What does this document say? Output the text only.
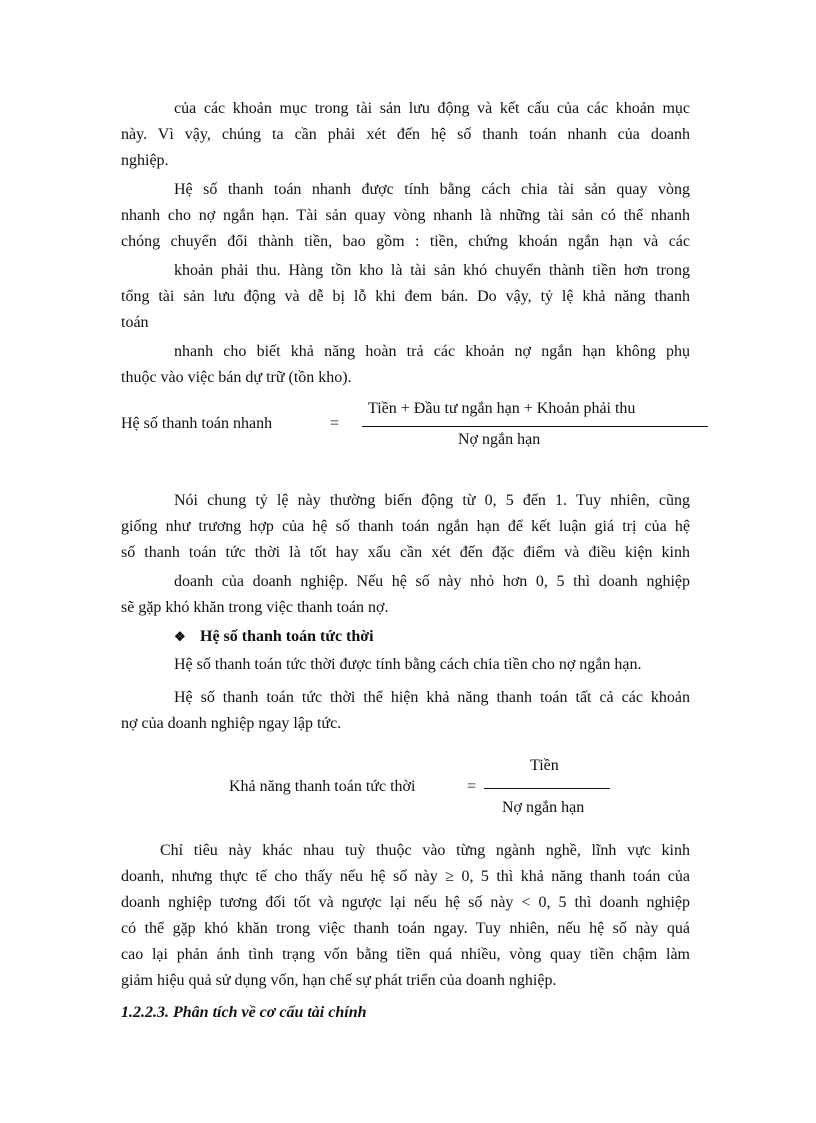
của các khoản mục trong tài sản lưu động và kết cấu của các khoản mục
này. Vì vậy, chúng ta cần phải xét đến hệ số thanh toán nhanh của doanh
nghiệp.
Hệ số thanh toán nhanh được tính bằng cách chia tài sản quay vòng
nhanh cho nợ ngắn hạn. Tài sản quay vòng nhanh là những tài sản có thể nhanh
chóng chuyển đổi thành tiền, bao gồm : tiền, chứng khoán ngắn hạn và các
khoản phải thu. Hàng tồn kho là tài sản khó chuyển thành tiền hơn trong
tổng tài sản lưu động và dễ bị lỗ khi đem bán. Do vậy, tỷ lệ khả năng thanh
toán
nhanh cho biết khả năng hoàn trả các khoản nợ ngắn hạn không phụ
thuộc vào việc bán dự trữ (tồn kho).
Hệ số thanh toán nhanh	=
Tiền + Đầu tư ngắn hạn + Khoản phải thu
Nợ ngắn hạn
Nói chung tỷ lệ này thường biến động từ 0, 5 đến 1. Tuy nhiên, cũng
giống như trương hợp của hệ số thanh toán ngắn hạn để kết luận giá trị của hệ
số thanh toán tức thời là tốt hay xấu cần xét đến đặc điểm và điều kiện kinh
doanh của doanh nghiệp. Nếu hệ số này nhỏ hơn 0, 5 thì doanh nghiệp
sẽ gặp khó khăn trong việc thanh toán nợ.
❖ Hệ số thanh toán tức thời
Hệ số thanh toán tức thời được tính bằng cách chia tiền cho nợ ngắn hạn.
Hệ số thanh toán tức thời thể hiện khả năng thanh toán tất cả các khoản
nợ của doanh nghiệp ngay lập tức.
Tiền
Khả năng thanh toán tức thời	=
Nợ ngắn hạn
Chỉ tiêu này khác nhau tuỳ thuộc vào từng ngành nghề, lĩnh vực kinh
doanh, nhưng thực tế cho thấy nếu hệ số này ≥ 0, 5 thì khả năng thanh toán của
doanh nghiệp tương đối tốt và ngược lại nếu hệ số này < 0, 5 thì doanh nghiệp
có thể gặp khó khăn trong việc thanh toán ngay. Tuy nhiên, nếu hệ số này quá
cao lại phản ánh tình trạng vốn bằng tiền quá nhiều, vòng quay tiền chậm làm
giảm hiệu quả sử dụng vốn, hạn chế sự phát triển của doanh nghiệp.
1.2.2.3. Phân tích về cơ cấu tài chính
